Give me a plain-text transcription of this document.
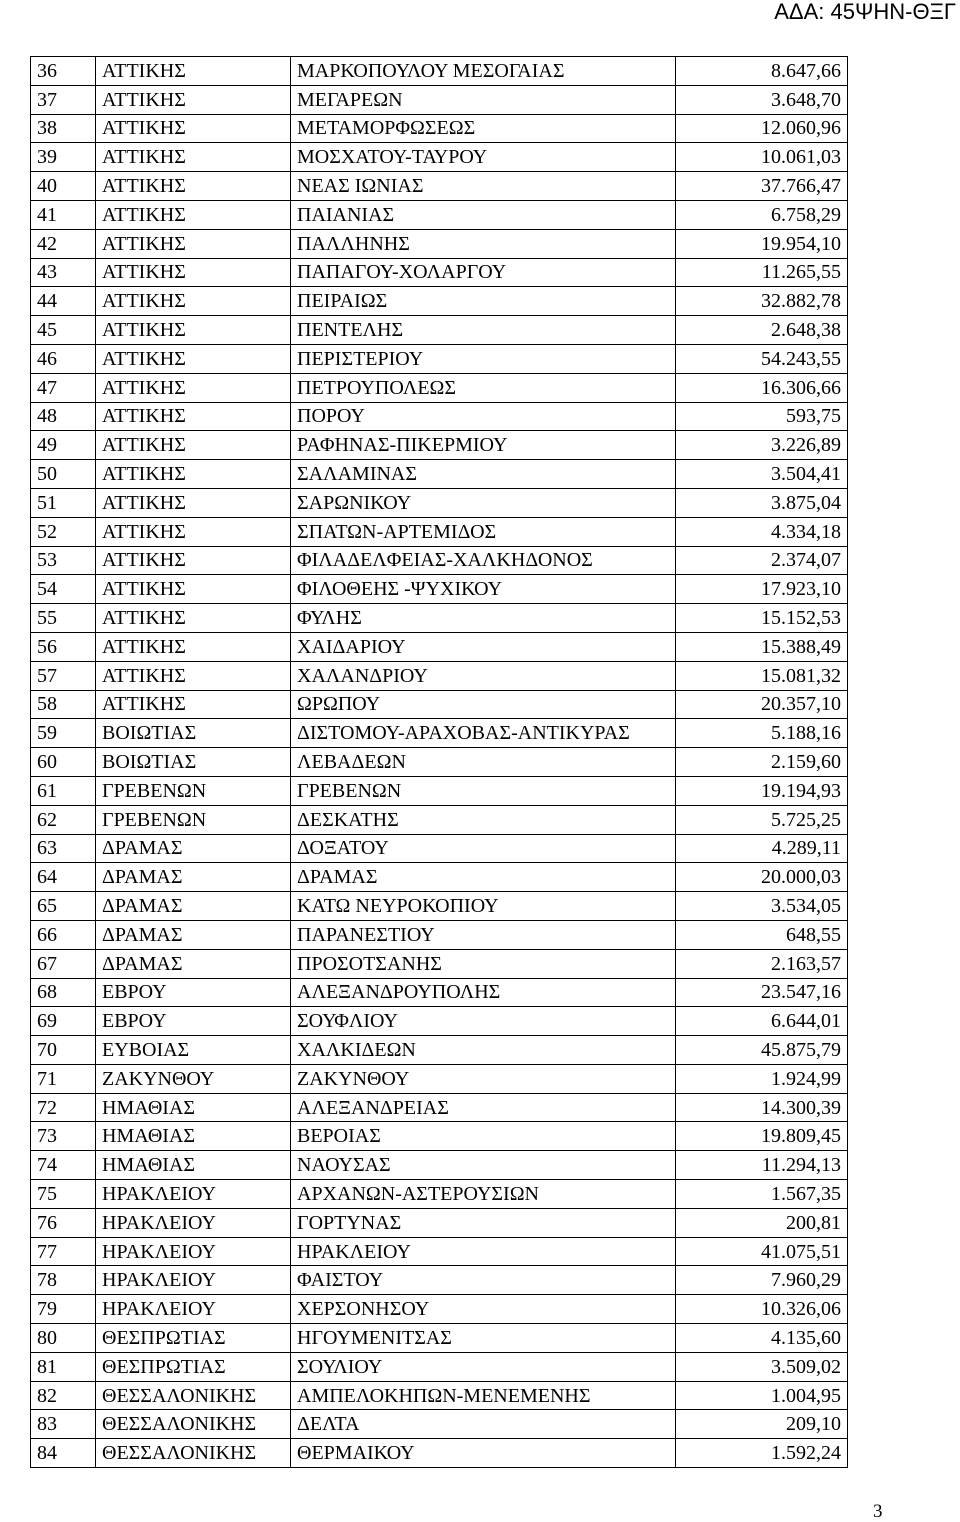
ΑΔΑ: 45ΨΗΝ-ΘΞΓ
36	ΑΤΤΙΚΗΣ	ΜΑΡΚΟΠΟΥΛΟΥ ΜΕΣΟΓΑΙΑΣ	8.647,66
37	ΑΤΤΙΚΗΣ	ΜΕΓΑΡΕΩΝ	3.648,70
38	ΑΤΤΙΚΗΣ	ΜΕΤΑΜΟΡΦΩΣΕΩΣ	12.060,96
39	ΑΤΤΙΚΗΣ	ΜΟΣΧΑΤΟΥ-ΤΑΥΡΟΥ	10.061,03
40	ΑΤΤΙΚΗΣ	ΝΕΑΣ ΙΩΝΙΑΣ	37.766,47
41	ΑΤΤΙΚΗΣ	ΠΑΙΑΝΙΑΣ	6.758,29
42	ΑΤΤΙΚΗΣ	ΠΑΛΛΗΝΗΣ	19.954,10
43	ΑΤΤΙΚΗΣ	ΠΑΠΑΓΟΥ-ΧΟΛΑΡΓΟΥ	11.265,55
44	ΑΤΤΙΚΗΣ	ΠΕΙΡΑΙΩΣ	32.882,78
45	ΑΤΤΙΚΗΣ	ΠΕΝΤΕΛΗΣ	2.648,38
46	ΑΤΤΙΚΗΣ	ΠΕΡΙΣΤΕΡΙΟΥ	54.243,55
47	ΑΤΤΙΚΗΣ	ΠΕΤΡΟΥΠΟΛΕΩΣ	16.306,66
48	ΑΤΤΙΚΗΣ	ΠΟΡΟΥ	593,75
49	ΑΤΤΙΚΗΣ	ΡΑΦΗΝΑΣ-ΠΙΚΕΡΜΙΟΥ	3.226,89
50	ΑΤΤΙΚΗΣ	ΣΑΛΑΜΙΝΑΣ	3.504,41
51	ΑΤΤΙΚΗΣ	ΣΑΡΩΝΙΚΟΥ	3.875,04
52	ΑΤΤΙΚΗΣ	ΣΠΑΤΩΝ-ΑΡΤΕΜΙΔΟΣ	4.334,18
53	ΑΤΤΙΚΗΣ	ΦΙΛΑΔΕΛΦΕΙΑΣ-ΧΑΛΚΗΔΟΝΟΣ	2.374,07
54	ΑΤΤΙΚΗΣ	ΦΙΛΟΘΕΗΣ -ΨΥΧΙΚΟΥ	17.923,10
55	ΑΤΤΙΚΗΣ	ΦΥΛΗΣ	15.152,53
56	ΑΤΤΙΚΗΣ	ΧΑΙΔΑΡΙΟΥ	15.388,49
57	ΑΤΤΙΚΗΣ	ΧΑΛΑΝΔΡΙΟΥ	15.081,32
58	ΑΤΤΙΚΗΣ	ΩΡΩΠΟΥ	20.357,10
59	ΒΟΙΩΤΙΑΣ	ΔΙΣΤΟΜΟΥ-ΑΡΑΧΟΒΑΣ-ΑΝΤΙΚΥΡΑΣ	5.188,16
60	ΒΟΙΩΤΙΑΣ	ΛΕΒΑΔΕΩΝ	2.159,60
61	ΓΡΕΒΕΝΩΝ	ΓΡΕΒΕΝΩΝ	19.194,93
62	ΓΡΕΒΕΝΩΝ	ΔΕΣΚΑΤΗΣ	5.725,25
63	ΔΡΑΜΑΣ	ΔΟΞΑΤΟΥ	4.289,11
64	ΔΡΑΜΑΣ	ΔΡΑΜΑΣ	20.000,03
65	ΔΡΑΜΑΣ	ΚΑΤΩ ΝΕΥΡΟΚΟΠΙΟΥ	3.534,05
66	ΔΡΑΜΑΣ	ΠΑΡΑΝΕΣΤΙΟΥ	648,55
67	ΔΡΑΜΑΣ	ΠΡΟΣΟΤΣΑΝΗΣ	2.163,57
68	ΕΒΡΟΥ	ΑΛΕΞΑΝΔΡΟΥΠΟΛΗΣ	23.547,16
69	ΕΒΡΟΥ	ΣΟΥΦΛΙΟΥ	6.644,01
70	ΕΥΒΟΙΑΣ	ΧΑΛΚΙΔΕΩΝ	45.875,79
71	ΖΑΚΥΝΘΟΥ	ΖΑΚΥΝΘΟΥ	1.924,99
72	ΗΜΑΘΙΑΣ	ΑΛΕΞΑΝΔΡΕΙΑΣ	14.300,39
73	ΗΜΑΘΙΑΣ	ΒΕΡΟΙΑΣ	19.809,45
74	ΗΜΑΘΙΑΣ	ΝΑΟΥΣΑΣ	11.294,13
75	ΗΡΑΚΛΕΙΟΥ	ΑΡΧΑΝΩΝ-ΑΣΤΕΡΟΥΣΙΩΝ	1.567,35
76	ΗΡΑΚΛΕΙΟΥ	ΓΟΡΤΥΝΑΣ	200,81
77	ΗΡΑΚΛΕΙΟΥ	ΗΡΑΚΛΕΙΟΥ	41.075,51
78	ΗΡΑΚΛΕΙΟΥ	ΦΑΙΣΤΟΥ	7.960,29
79	ΗΡΑΚΛΕΙΟΥ	ΧΕΡΣΟΝΗΣΟΥ	10.326,06
80	ΘΕΣΠΡΩΤΙΑΣ	ΗΓΟΥΜΕΝΙΤΣΑΣ	4.135,60
81	ΘΕΣΠΡΩΤΙΑΣ	ΣΟΥΛΙΟΥ	3.509,02
82	ΘΕΣΣΑΛΟΝΙΚΗΣ	ΑΜΠΕΛΟΚΗΠΩΝ-ΜΕΝΕΜΕΝΗΣ	1.004,95
83	ΘΕΣΣΑΛΟΝΙΚΗΣ	ΔΕΛΤΑ	209,10
84	ΘΕΣΣΑΛΟΝΙΚΗΣ	ΘΕΡΜΑΙΚΟΥ	1.592,24
3
